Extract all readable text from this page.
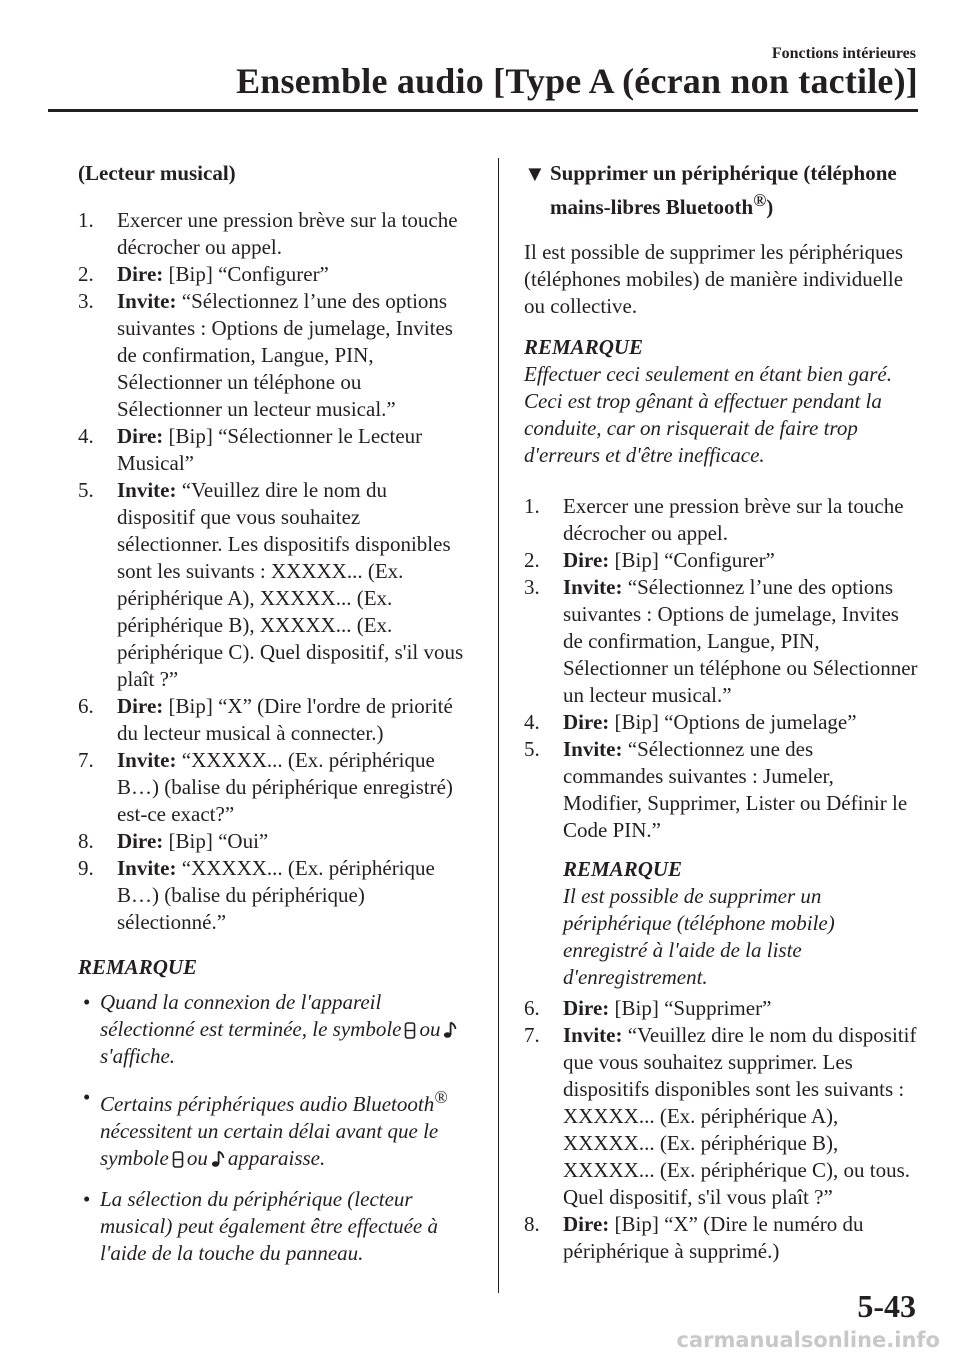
Fonctions intérieures
Ensemble audio [Type A (écran non tactile)]
(Lecteur musical)
1. Exercer une pression brève sur la touche décrocher ou appel.
2. Dire: [Bip] “Configurer”
3. Invite: “Sélectionnez l’une des options suivantes : Options de jumelage, Invites de confirmation, Langue, PIN, Sélectionner un téléphone ou Sélectionner un lecteur musical.”
4. Dire: [Bip] “Sélectionner le Lecteur Musical”
5. Invite: “Veuillez dire le nom du dispositif que vous souhaitez sélectionner. Les dispositifs disponibles sont les suivants : XXXXX... (Ex. périphérique A), XXXXX... (Ex. périphérique B), XXXXX... (Ex. périphérique C). Quel dispositif, s'il vous plaît ?”
6. Dire: [Bip] “X” (Dire l'ordre de priorité du lecteur musical à connecter.)
7. Invite: “XXXXX... (Ex. périphérique B…) (balise du périphérique enregistré) est-ce exact?”
8. Dire: [Bip] “Oui”
9. Invite: “XXXXX... (Ex. périphérique B…) (balise du périphérique) sélectionné.”
REMARQUE
• Quand la connexion de l'appareil sélectionné est terminée, le symbole ous'affiche.
• Certains périphériques audio Bluetooth® nécessitent un certain délai avant que le symbole ou apparaisse.
• La sélection du périphérique (lecteur musical) peut également être effectuée à l'aide de la touche du panneau.
▼ Supprimer un périphérique (téléphone mains-libres Bluetooth®)

Il est possible de supprimer les périphériques (téléphones mobiles) de manière individuelle ou collective.

REMARQUE

Effectuer ceci seulement en étant bien garé. Ceci est trop gênant à effectuer pendant la conduite, car on risquerait de faire trop d'erreurs et d'être inefficace.

1. Exercer une pression brève sur la touche décrocher ou appel.
2. Dire: [Bip] “Configurer”
3. Invite: “Sélectionnez l’une des options suivantes : Options de jumelage, Invites de confirmation, Langue, PIN, Sélectionner un téléphone ou Sélectionner un lecteur musical.”
4. Dire: [Bip] “Options de jumelage”
5. Invite: “Sélectionnez une des commandes suivantes : Jumeler, Modifier, Supprimer, Lister ou Définir le Code PIN.”
REMARQUE
Il est possible de supprimer un périphérique (téléphone mobile) enregistré à l'aide de la liste d'enregistrement.
6. Dire: [Bip] “Supprimer”
7. Invite: “Veuillez dire le nom du dispositif que vous souhaitez supprimer. Les dispositifs disponibles sont les suivants : XXXXX... (Ex. périphérique A), XXXXX... (Ex. périphérique B), XXXXX... (Ex. périphérique C), ou tous. Quel dispositif, s'il vous plaît ?”
8. Dire: [Bip] “X” (Dire le numéro du périphérique à supprimé.)
5-43
carmanualsonline.info
